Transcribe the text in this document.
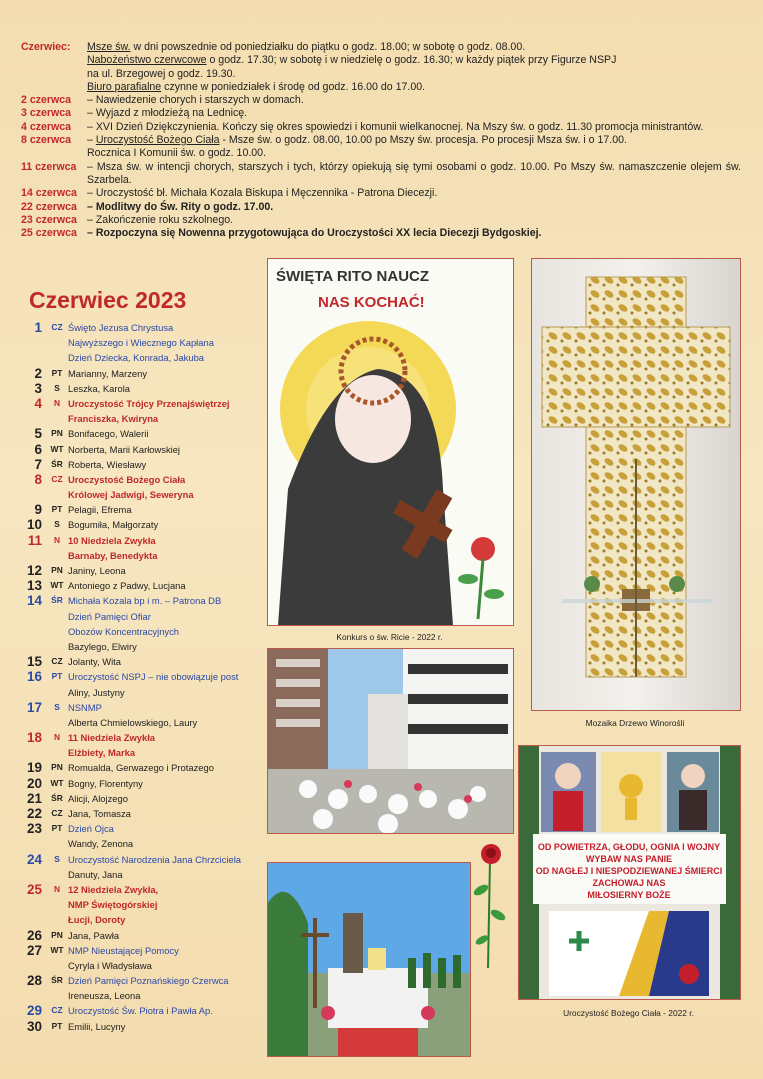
Czerwiec:	Msze św. w dni powszednie od poniedziałku do piątku o godz. 18.00; w sobotę o godz. 08.00.
Nabożeństwo czerwcowe o godz. 17.30; w sobotę i w niedzielę o godz. 16.30; w każdy piątek przy Figurze NSPJ
na ul. Brzegowej o godz. 19.30.
Biuro parafialne czynne w poniedziałek i środę od godz. 16.00 do 17.00.
2 czerwca	– Nawiedzenie chorych i starszych w domach.
3 czerwca	– Wyjazd z młodzieżą na Lednicę.
4 czerwca	– XVI Dzień Dziękczynienia. Kończy się okres spowiedzi i komunii wielkanocnej. Na Mszy św. o godz. 11.30 promocja ministrantów.
8 czerwca	– Uroczystość Bożego Ciała - Msze św. o godz. 08.00, 10.00 po Mszy św. procesja. Po procesji Msza św. i o 17.00.
Rocznica I Komunii św. o godz. 10.00.
11 czerwca	– Msza św. w intencji chorych, starszych i tych, którzy opiekują się tymi osobami o godz. 10.00. Po Mszy św. namaszczenie olejem św. Szarbela.
14 czerwca – Uroczystość bł. Michała Kozala Biskupa i Męczennika - Patrona Diecezji.
22 czerwca – Modlitwy do Św. Rity o godz. 17.00.
23 czerwca – Zakończenie roku szkolnego.
25 czerwca – Rozpoczyna się Nowenna przygotowująca do Uroczystości XX lecia Diecezji Bydgoskiej.
Czerwiec 2023
1	CZ Święto Jezusa Chrystusa
Najwyższego i Wiecznego Kapłana
Dzień Dziecka, Konrada, Jakuba
2	PT Marianny, Marzeny
3	S Leszka, Karola
4	N Uroczystość Trójcy Przenajświętrzej
Franciszka, Kwiryna
5	PN Bonifacego, Walerii
6	WT Norberta, Marii Karłowskiej
7	ŚR Roberta, Wiesławy
8	CZ Uroczystość Bożego Ciała
Królowej Jadwigi, Seweryna
9	PT Pelagii, Efrema
10	S Bogumiła, Małgorzaty
11	N 10 Niedziela Zwykła
Barnaby, Benedykta
12	PN Janiny, Leona
13	WT Antoniego z Padwy, Lucjana
14	ŚR Michała Kozala bp i m. – Patrona DB
Dzień Pamięci Ofiar
Obozów Koncentracyjnych
Bazylego, Elwiry
15	CZ Jolanty, Wita
16	PT Uroczystość NSPJ – nie obowiązuje post
Aliny, Justyny
17	S NSNMP
Alberta Chmielowskiego, Laury
18	N 11 Niedziela Zwykła
Elżbiety, Marka
19	PN Romualda, Gerwazego i Protazego
20	WT Bogny, Florentyny
21	ŚR Alicji, Alojzego
22	CZ Jana, Tomasza
23	PT Dzień Ojca
Wandy, Zenona
24	S Uroczystość Narodzenia Jana Chrzciciela
Danuty, Jana
25	N 12 Niedziela Zwykła,
NMP Świętogórskiej
Łucji, Doroty
26	PN Jana, Pawła
27	WT NMP Nieustającej Pomocy
Cyryla i Władysława
28	ŚR Dzień Pamięci Poznańskiego Czerwca
Ireneusza, Leona
29	CZ Uroczystość Św. Piotra i Pawła Ap.
30	PT Emilii, Lucyny
ŚWIĘTA RITO NAUCZ
NAS KOCHAĆ!
Konkurs o św. Ricie - 2022 r.
Mozaika Drzewo Winorośli
OD POWIETRZA, GŁODU, OGNIA I WOJNY
WYBAW NAS PANIE
OD NAGŁEJ I NIESPODZIEWANEJ ŚMIERCI
ZACHOWAJ NAS
MIŁOSIERNY BOŻE
Uroczystość Bożego Ciała - 2022 r.
